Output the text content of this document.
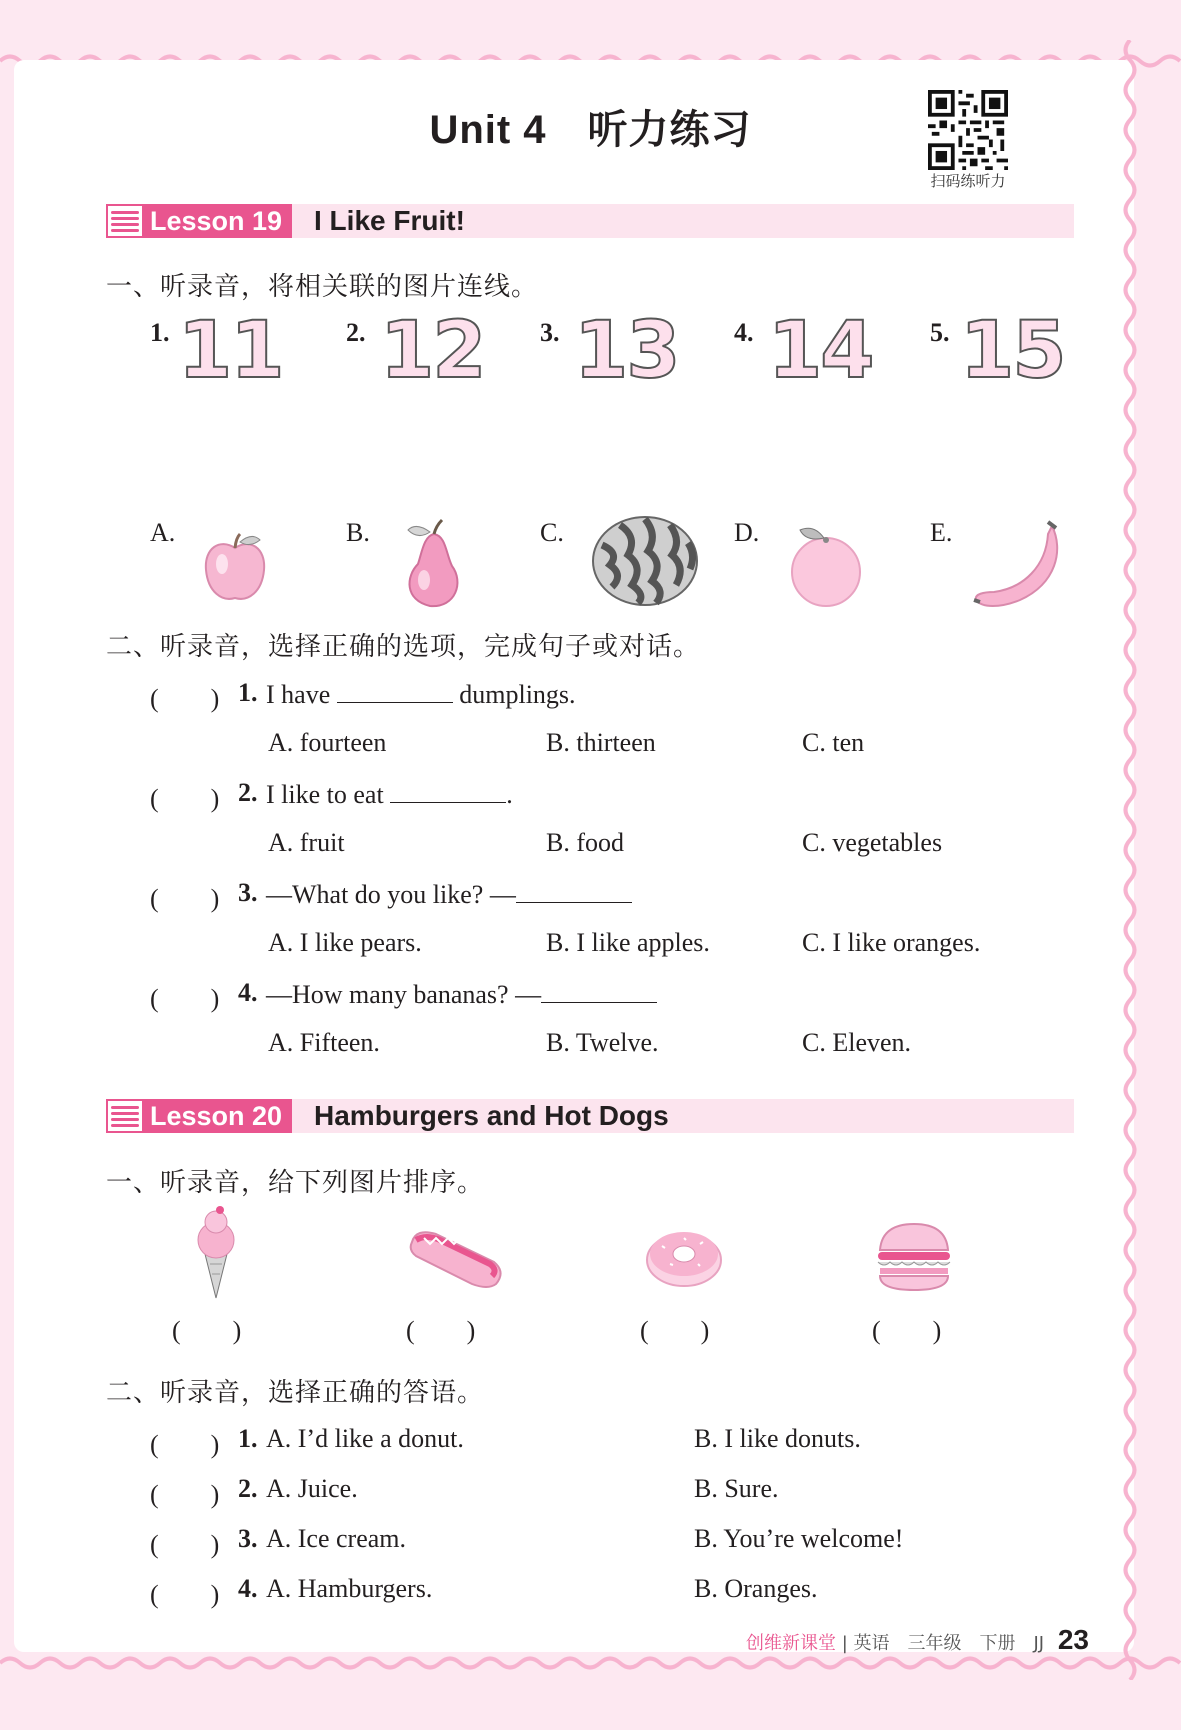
Unit 4　听力练习
扫码练听力
Lesson 19 I Like Fruit!
一、听录音，将相关联的图片连线。
1. 11 2. 12 3. 13 4. 14 5. 15
A.	B.	C.	D.	E.
二、听录音，选择正确的选项，完成句子或对话。
(　　) 1. I have	dumplings.
A. fourteen	B. thirteen	C. ten
(　　) 2. I like to eat	.
A. fruit	B. food	C. vegetables
(　　) 3. —What do you like? —
A. I like pears.	B. I like apples.	C. I like oranges.
(　　) 4. —How many bananas? —
A. Fifteen.	B. Twelve.	C. Eleven.
Lesson 20 Hamburgers and Hot Dogs
一、听录音，给下列图片排序。
(　　)	(　　)	(　　)	(　　)
二、听录音，选择正确的答语。
(　　) 1. A. I’d like a donut.	B. I like donuts.
(　　) 2. A. Juice.	B. Sure.
(　　) 3. A. Ice cream.	B. You’re welcome!
(　　) 4. A. Hamburgers.	B. Oranges.
创维新课堂 | 英语　三年级　下册　JJ 23
